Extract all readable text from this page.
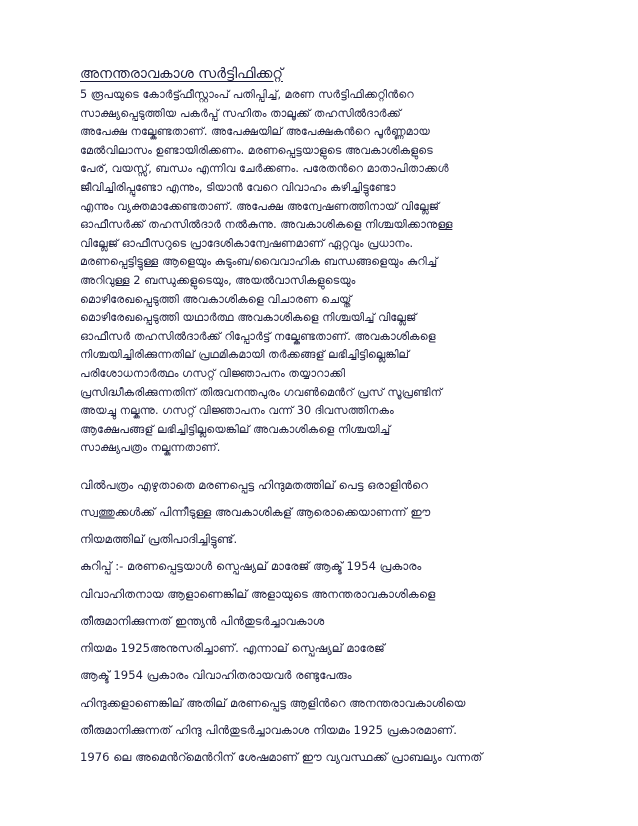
അനന്തരാവകാശ സര്‍ട്ടിഫിക്കറ്റ്
5 രൂപയുടെ കോര്‍ട്ട്ഫീസ്റ്റാംപ് പതിപ്പിച്ച്, മരണ സര്‍ട്ടിഫിക്കറ്റിന്‍റെ
സാക്ഷ്യപ്പെടുത്തിയ പകര്‍പ്പ് സഹിതം താലൂക്ക് തഹസില്‍ദാര്‍ക്ക്
അപേക്ഷ നല്കേണ്ടതാണ്. അപേക്ഷയില് അപേക്ഷകന്‍റെ പൂര്‍ണ്ണമായ
മേല്‍വിലാസം ഉണ്ടായിരിക്കണം. മരണപ്പെട്ടയാളുടെ അവകാശികളുടെ
പേര്, വയസ്സ്, ബന്ധം എന്നിവ ചേര്‍ക്കണം. പരേതന്‍റെ മാതാപിതാക്കള്‍
ജീവിച്ചിരിപ്പുണ്ടോ എന്നും, ടിയാന്‍ വേറെ വിവാഹം കഴിച്ചിട്ടുണ്ടോ
എന്നും വ്യക്തമാക്കേണ്ടതാണ്. അപേക്ഷ അന്വേഷണത്തിനായ് വില്ലേജ്
ഓഫീസര്‍ക്ക് തഹസില്‍ദാര്‍ നല്‍കുന്നു. അവകാശികളെ നിശ്ചയിക്കാനുള്ള
വില്ലേജ് ഓഫീസറുടെ പ്രാദേശികാന്വേഷണമാണ് ഏറ്റവും പ്രധാനം.
മരണപ്പെട്ടിട്ടുള്ള ആളെയും കുടുംബ/വൈവാഹിക ബന്ധങ്ങളെയും കുറിച്ച്
അറിവുള്ള 2 ബന്ധുക്കളുടെയും, അയല്‍വാസികളുടെയും
മൊഴിരേഖപ്പെടുത്തി അവകാശികളെ വിചാരണ ചെയ്ത്
മൊഴിരേഖപ്പെടുത്തി യഥാര്‍ത്ഥ അവകാശികളെ നിശ്ചയിച്ച് വില്ലേജ്
ഓഫീസര്‍ തഹസില്‍ദാര്‍ക്ക് റിപ്പോര്‍ട്ട് നല്കേണ്ടതാണ്. അവകാശികളെ
നിശ്ചയിച്ചിരിക്കുന്നതില് പ്രഥമികമായി തര്‍ക്കങ്ങള് ലഭിച്ചിട്ടില്ലെങ്കില്
പരിശോധനാര്‍ത്ഥം ഗസറ്റ് വിജ്ഞാപനം തയ്യാറാക്കി
പ്രസിദ്ധീകരിക്കുന്നതിന് തിരുവനന്തപുരം ഗവണ്‍മെന്‍റ് പ്രസ് സൂപ്രണ്ടിന്
അയച്ചു നല്കുന്നു. ഗസറ്റ് വിജ്ഞാപനം വന്ന് 30 ദിവസത്തിനകം
ആക്ഷേപങ്ങള് ലഭിച്ചിട്ടില്ലയെങ്കില് അവകാശികളെ നിശ്ചയിച്ച്
സാക്ഷ്യപത്രം നല്കുന്നതാണ്.
വില്‍പത്രം എഴുതാതെ മരണപ്പെട്ട ഹിന്ദുമതത്തില് പെട്ട ഒരാളിന്‍റെ
സ്വത്തുക്കള്‍ക്ക് പിന്നീടുള്ള അവകാശികള് ആരൊക്കെയാണന്ന് ഈ
നിയമത്തില് പ്രതിപാദിച്ചിട്ടുണ്ട്.
കുറിപ്പ് :- മരണപ്പെട്ടയാള്‍ സ്പെഷ്യല് മാരേജ് ആക്ട് 1954 പ്രകാരം
വിവാഹിതനായ ആളാണെങ്കില് അളായുടെ അനന്തരാവകാശികളെ
തീരുമാനിക്കുന്നത് ഇന്ത്യന്‍ പിന്‍തുടര്‍ച്ചാവകാശ
നിയമം 1925അനുസരിച്ചാണ്. എന്നാല് സ്പെഷ്യല് മാരേജ്
ആക്ട് 1954 പ്രകാരം വിവാഹിതരായവര്‍ രണ്ടുപേരും
ഹിന്ദുക്കളാണെങ്കില് അതില് മരണപ്പെട്ട ആളിന്‍റെ അനന്തരാവകാശിയെ
തീരുമാനിക്കുന്നത് ഹിന്ദു പിന്‍തുടര്‍ച്ചാവകാശ നിയമം 1925 പ്രകാരമാണ്.
1976 ലെ അമെന്‍റ്മെന്‍റിന് ശേഷമാണ് ഈ വ്യവസ്ഥക്ക് പ്രാബല്യം വന്നത്
